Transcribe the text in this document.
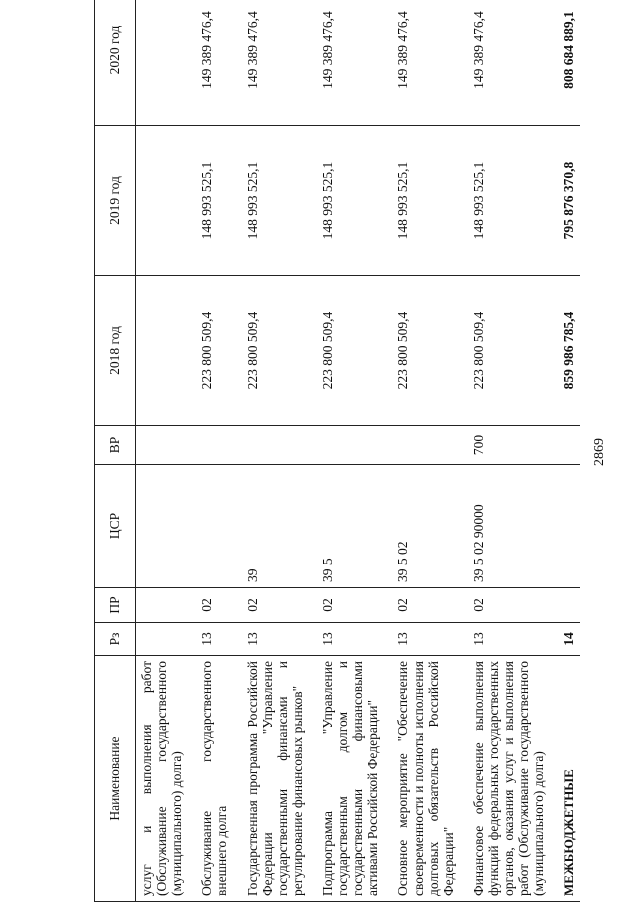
2869
Наименование	Рз	ПР	ЦСР	ВР	2018 год	2019 год	2020 год
услуг и выполнения работ (Обслуживание государственного (муниципального) долга)							

Обслуживание государственного внешнего долга	13	02			223 800 509,4	148 993 525,1	149 389 476,4

Государственная программа Российской Федерации "Управление государственными финансами и регулирование финансовых рынков"	13	02	39		223 800 509,4	148 993 525,1	149 389 476,4

Подпрограмма "Управление государственным долгом и государственными финансовыми активами Российской Федерации"	13	02	39 5		223 800 509,4	148 993 525,1	149 389 476,4

Основное мероприятие "Обеспечение своевременности и полноты исполнения долговых обязательств Российской Федерации"	13	02	39 5 02		223 800 509,4	148 993 525,1	149 389 476,4

Финансовое обеспечение выполнения функций федеральных государственных органов, оказания услуг и выполнения работ (Обслуживание государственного (муниципального) долга)	13	02	39 5 02 90000	700	223 800 509,4	148 993 525,1	149 389 476,4

МЕЖБЮДЖЕТНЫЕ	14				859 986 785,4	795 876 370,8	808 684 889,1
